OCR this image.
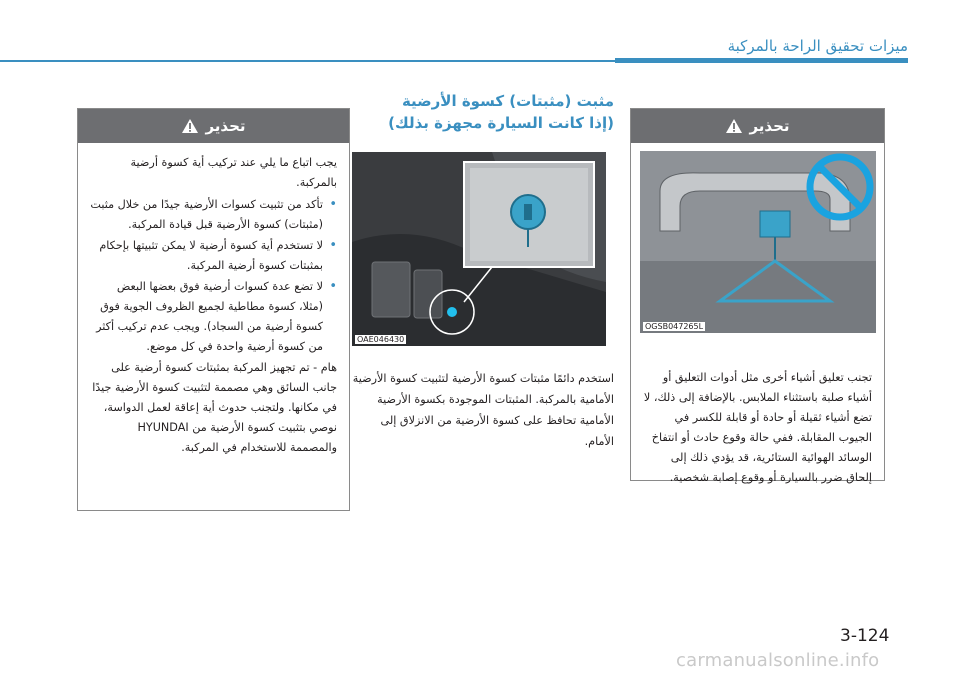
ميزات تحقيق الراحة بالمركبة
تحذير

يجب اتباع ما يلي عند تركيب أية كسوة أرضية بالمركبة.

• تأكد من تثبيت كسوات الأرضية جيدًا من خلال مثبت (مثبتات) كسوة الأرضية قبل قيادة المركبة.
• لا تستخدم أية كسوة أرضية لا يمكن تثبيتها بإحكام بمثبتات كسوة أرضية المركبة.
• لا تضع عدة كسوات أرضية فوق بعضها البعض (مثلا، كسوة مطاطية لجميع الظروف الجوية فوق كسوة أرضية من السجاد). ويجب عدم تركيب أكثر من كسوة أرضية واحدة في كل موضع.

هام - تم تجهيز المركبة بمثبتات كسوة أرضية على جانب السائق وهي مصممة لتثبيت كسوة الأرضية جيدًا في مكانها. ولتجنب حدوث أية إعاقة لعمل الدواسة، نوصي بتثبيت كسوة الأرضية من HYUNDAI والمصممة للاستخدام في المركبة.

مثبت (مثبتات) كسوة الأرضية
(إذا كانت السيارة مجهزة بذلك)
OAE046430
استخدم دائمًا مثبتات كسوة الأرضية لتثبيت كسوة الأرضية الأمامية بالمركبة. المثبتات الموجودة بكسوة الأرضية الأمامية تحافظ على كسوة الأرضية من الانزلاق إلى الأمام.
تحذير

تجنب تعليق أشياء أخرى مثل أدوات التعليق أو أشياء صلبة باستثناء الملابس. بالإضافة إلى ذلك، لا تضع أشياء ثقيلة أو حادة أو قابلة للكسر في الجيوب المقابلة. ففي حالة وقوع حادث أو انتفاخ الوسائد الهوائية الستائرية، قد يؤدي ذلك إلى إلحاق ضرر بالسيارة أو وقوع إصابة شخصية.

OGSB047265L
3-124
carmanualsonline.info
